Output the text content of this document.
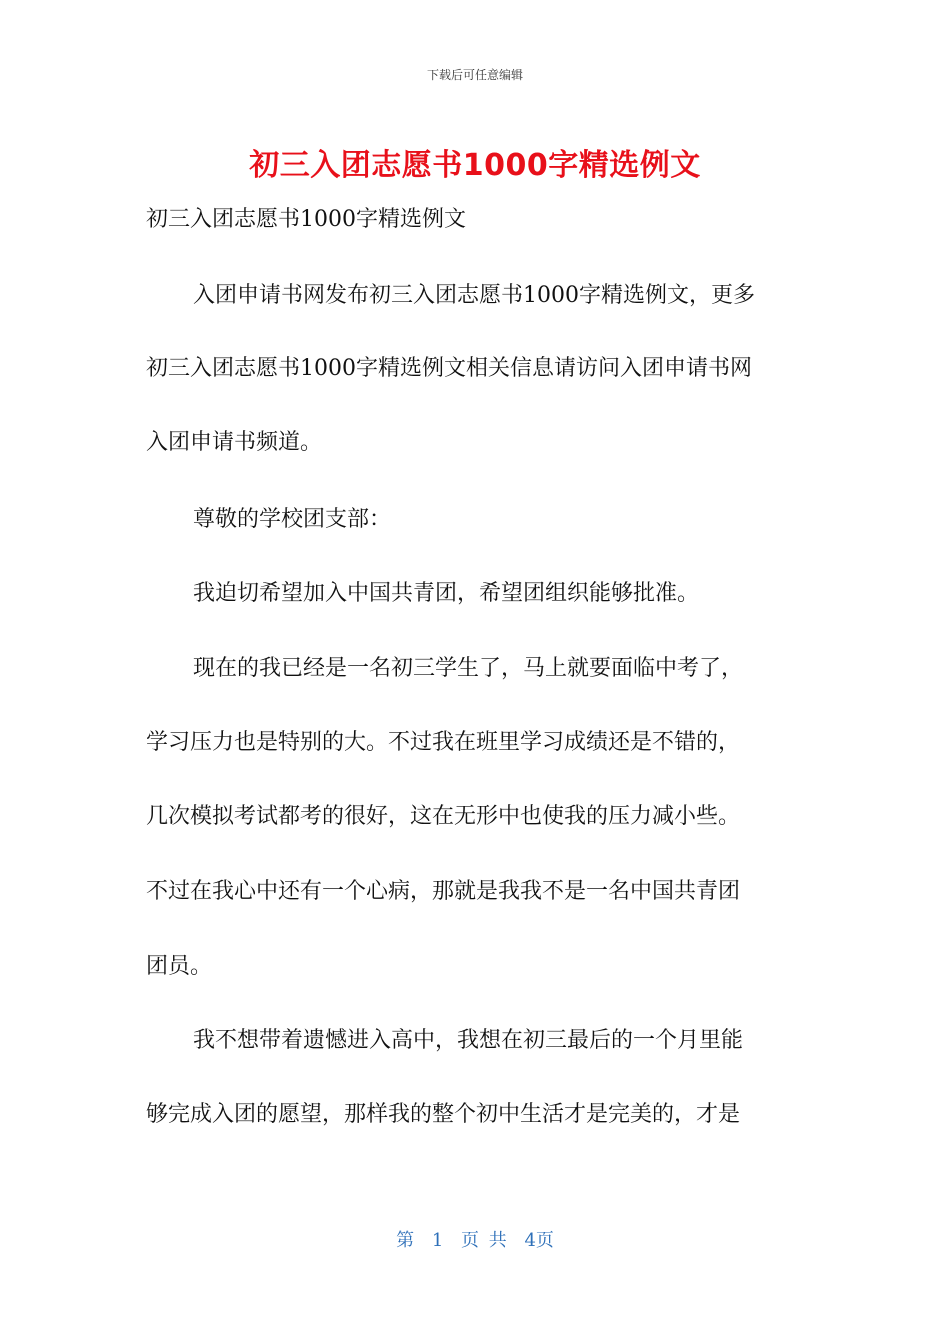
下载后可任意编辑
初三入团志愿书1000字精选例文
初三入团志愿书1000字精选例文
入团申请书网发布初三入团志愿书1000字精选例文，更多
初三入团志愿书1000字精选例文相关信息请访问入团申请书网
入团申请书频道。
尊敬的学校团支部：
我迫切希望加入中国共青团，希望团组织能够批准。
现在的我已经是一名初三学生了，马上就要面临中考了，
学习压力也是特别的大。不过我在班里学习成绩还是不错的，
几次模拟考试都考的很好，这在无形中也使我的压力减小些。
不过在我心中还有一个心病，那就是我我不是一名中国共青团
团员。
我不想带着遗憾进入高中，我想在初三最后的一个月里能
够完成入团的愿望，那样我的整个初中生活才是完美的，才是
第 1 页 共 4页
